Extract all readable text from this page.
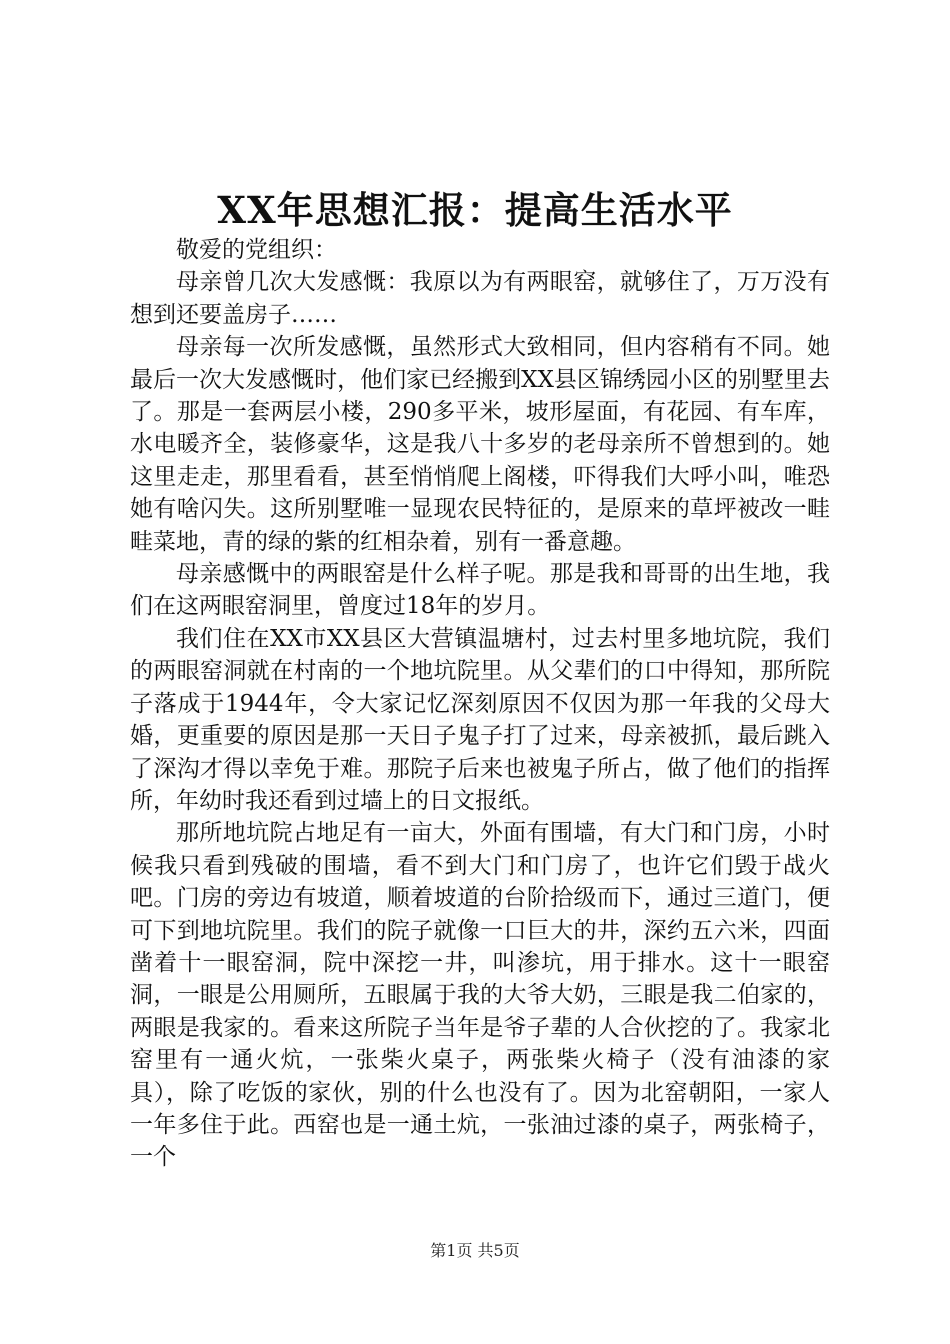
XX年思想汇报：提高生活水平

敬爱的党组织：

母亲曾几次大发感慨：我原以为有两眼窑，就够住了，万万没有想到还要盖房子……

母亲每一次所发感慨，虽然形式大致相同，但内容稍有不同。她最后一次大发感慨时，他们家已经搬到XX县区锦绣园小区的别墅里去了。那是一套两层小楼，290多平米，坡形屋面，有花园、有车库，水电暖齐全，装修豪华，这是我八十多岁的老母亲所不曾想到的。她这里走走，那里看看，甚至悄悄爬上阁楼，吓得我们大呼小叫，唯恐她有啥闪失。这所别墅唯一显现农民特征的，是原来的草坪被改一畦畦菜地，青的绿的紫的红相杂着，别有一番意趣。

母亲感慨中的两眼窑是什么样子呢。那是我和哥哥的出生地，我们在这两眼窑洞里，曾度过18年的岁月。

我们住在XX市XX县区大营镇温塘村，过去村里多地坑院，我们的两眼窑洞就在村南的一个地坑院里。从父辈们的口中得知，那所院子落成于1944年，令大家记忆深刻原因不仅因为那一年我的父母大婚，更重要的原因是那一天日子鬼子打了过来，母亲被抓，最后跳入了深沟才得以幸免于难。那院子后来也被鬼子所占，做了他们的指挥所，年幼时我还看到过墙上的日文报纸。

那所地坑院占地足有一亩大，外面有围墙，有大门和门房，小时候我只看到残破的围墙，看不到大门和门房了，也许它们毁于战火吧。门房的旁边有坡道，顺着坡道的台阶拾级而下，通过三道门，便可下到地坑院里。我们的院子就像一口巨大的井，深约五六米，四面凿着十一眼窑洞，院中深挖一井，叫渗坑，用于排水。这十一眼窑洞，一眼是公用厕所，五眼属于我的大爷大奶，三眼是我二伯家的，两眼是我家的。看来这所院子当年是爷子辈的人合伙挖的了。我家北窑里有一通火炕，一张柴火桌子，两张柴火椅子（没有油漆的家具），除了吃饭的家伙，别的什么也没有了。因为北窑朝阳，一家人一年多住于此。西窑也是一通土炕，一张油过漆的桌子，两张椅子，一个

第1页 共5页
